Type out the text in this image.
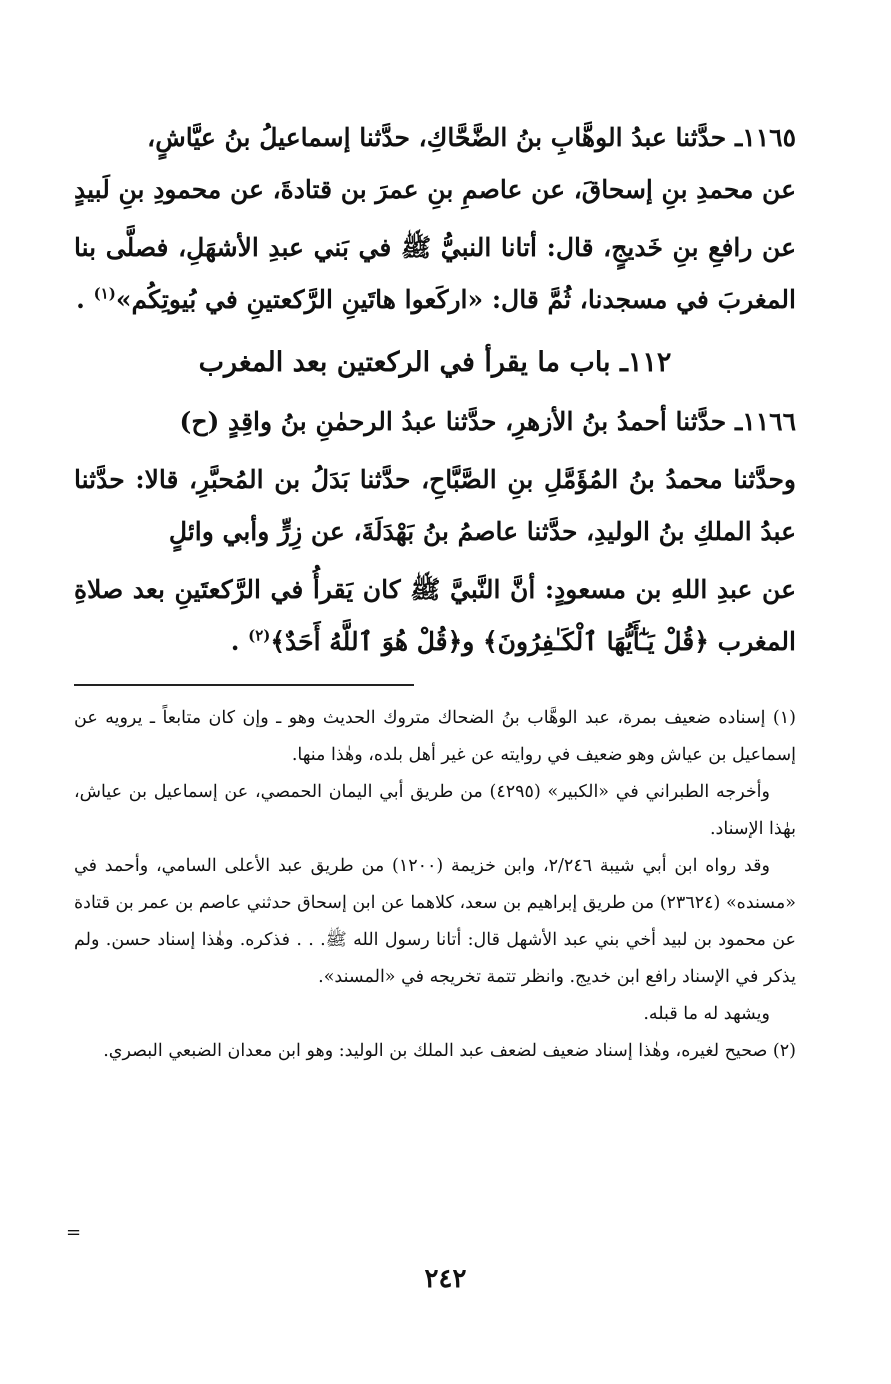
١١٦٥ـ حدَّثنا عبدُ الوهَّابِ بنُ الضَّحَّاكِ، حدَّثنا إسماعيلُ بنُ عيَّاشٍ،

عن محمدِ بنِ إسحاقَ، عن عاصمِ بنِ عمرَ بن قتادةَ، عن محمودِ بنِ لَبيدٍ

عن رافعِ بنِ خَديجٍ، قال: أتانا النبيُّ ﷺ في بَني عبدِ الأشهَلِ، فصلَّى بنا المغربَ في مسجدنا، ثُمَّ قال: «اركَعوا هاتَينِ الرَّكعتينِ في بُيوتِكُم»$^{(١)}$ .

١١٢ـ باب ما يقرأ في الركعتين بعد المغرب

١١٦٦ـ حدَّثنا أحمدُ بنُ الأزهرِ، حدَّثنا عبدُ الرحمٰنِ بنُ واقِدٍ (ح)

وحدَّثنا محمدُ بنُ المُؤَمَّلِ بنِ الصَّبَّاحِ، حدَّثنا بَدَلُ بن المُحبَّرِ، قالا: حدَّثنا عبدُ الملكِ بنُ الوليدِ، حدَّثنا عاصمُ بنُ بَهْدَلَةَ، عن زِرٍّ وأبي وائلٍ

عن عبدِ اللهِ بن مسعودٍ: أنَّ النَّبيَّ ﷺ كان يَقرأُ في الرَّكعتَينِ بعد صلاةِ المغرب ﴿قُلْ يَـٰٓأَيُّهَا ٱلْكَـٰفِرُونَ﴾ و﴿قُلْ هُوَ ٱللَّهُ أَحَدٌ﴾$^{(٢)}$ .

(١) إسناده ضعيف بمرة، عبد الوهَّاب بنُ الضحاك متروك الحديث وهو ـ وإن كان متابعاً ـ يرويه عن إسماعيل بن عياش وهو ضعيف في روايته عن غير أهل بلده، وهٰذا منها.

وأخرجه الطبراني في «الكبير» (٤٢٩٥) من طريق أبي اليمان الحمصي، عن إسماعيل بن عياش، بهٰذا الإسناد.

وقد رواه ابن أبي شيبة ٢/٢٤٦، وابن خزيمة (١٢٠٠) من طريق عبد الأعلى السامي، وأحمد في «مسنده» (٢٣٦٢٤) من طريق إبراهيم بن سعد، كلاهما عن ابن إسحاق حدثني عاصم بن عمر بن قتادة عن محمود بن لبيد أخي بني عبد الأشهل قال: أتانا رسول الله ﷺ. . . فذكره. وهٰذا إسناد حسن. ولم يذكر في الإسناد رافع ابن خديج. وانظر تتمة تخريجه في «المسند».

ويشهد له ما قبله.

(٢) صحيح لغيره، وهٰذا إسناد ضعيف لضعف عبد الملك بن الوليد: وهو ابن معدان الضبعي البصري.

=
٢٤٢
